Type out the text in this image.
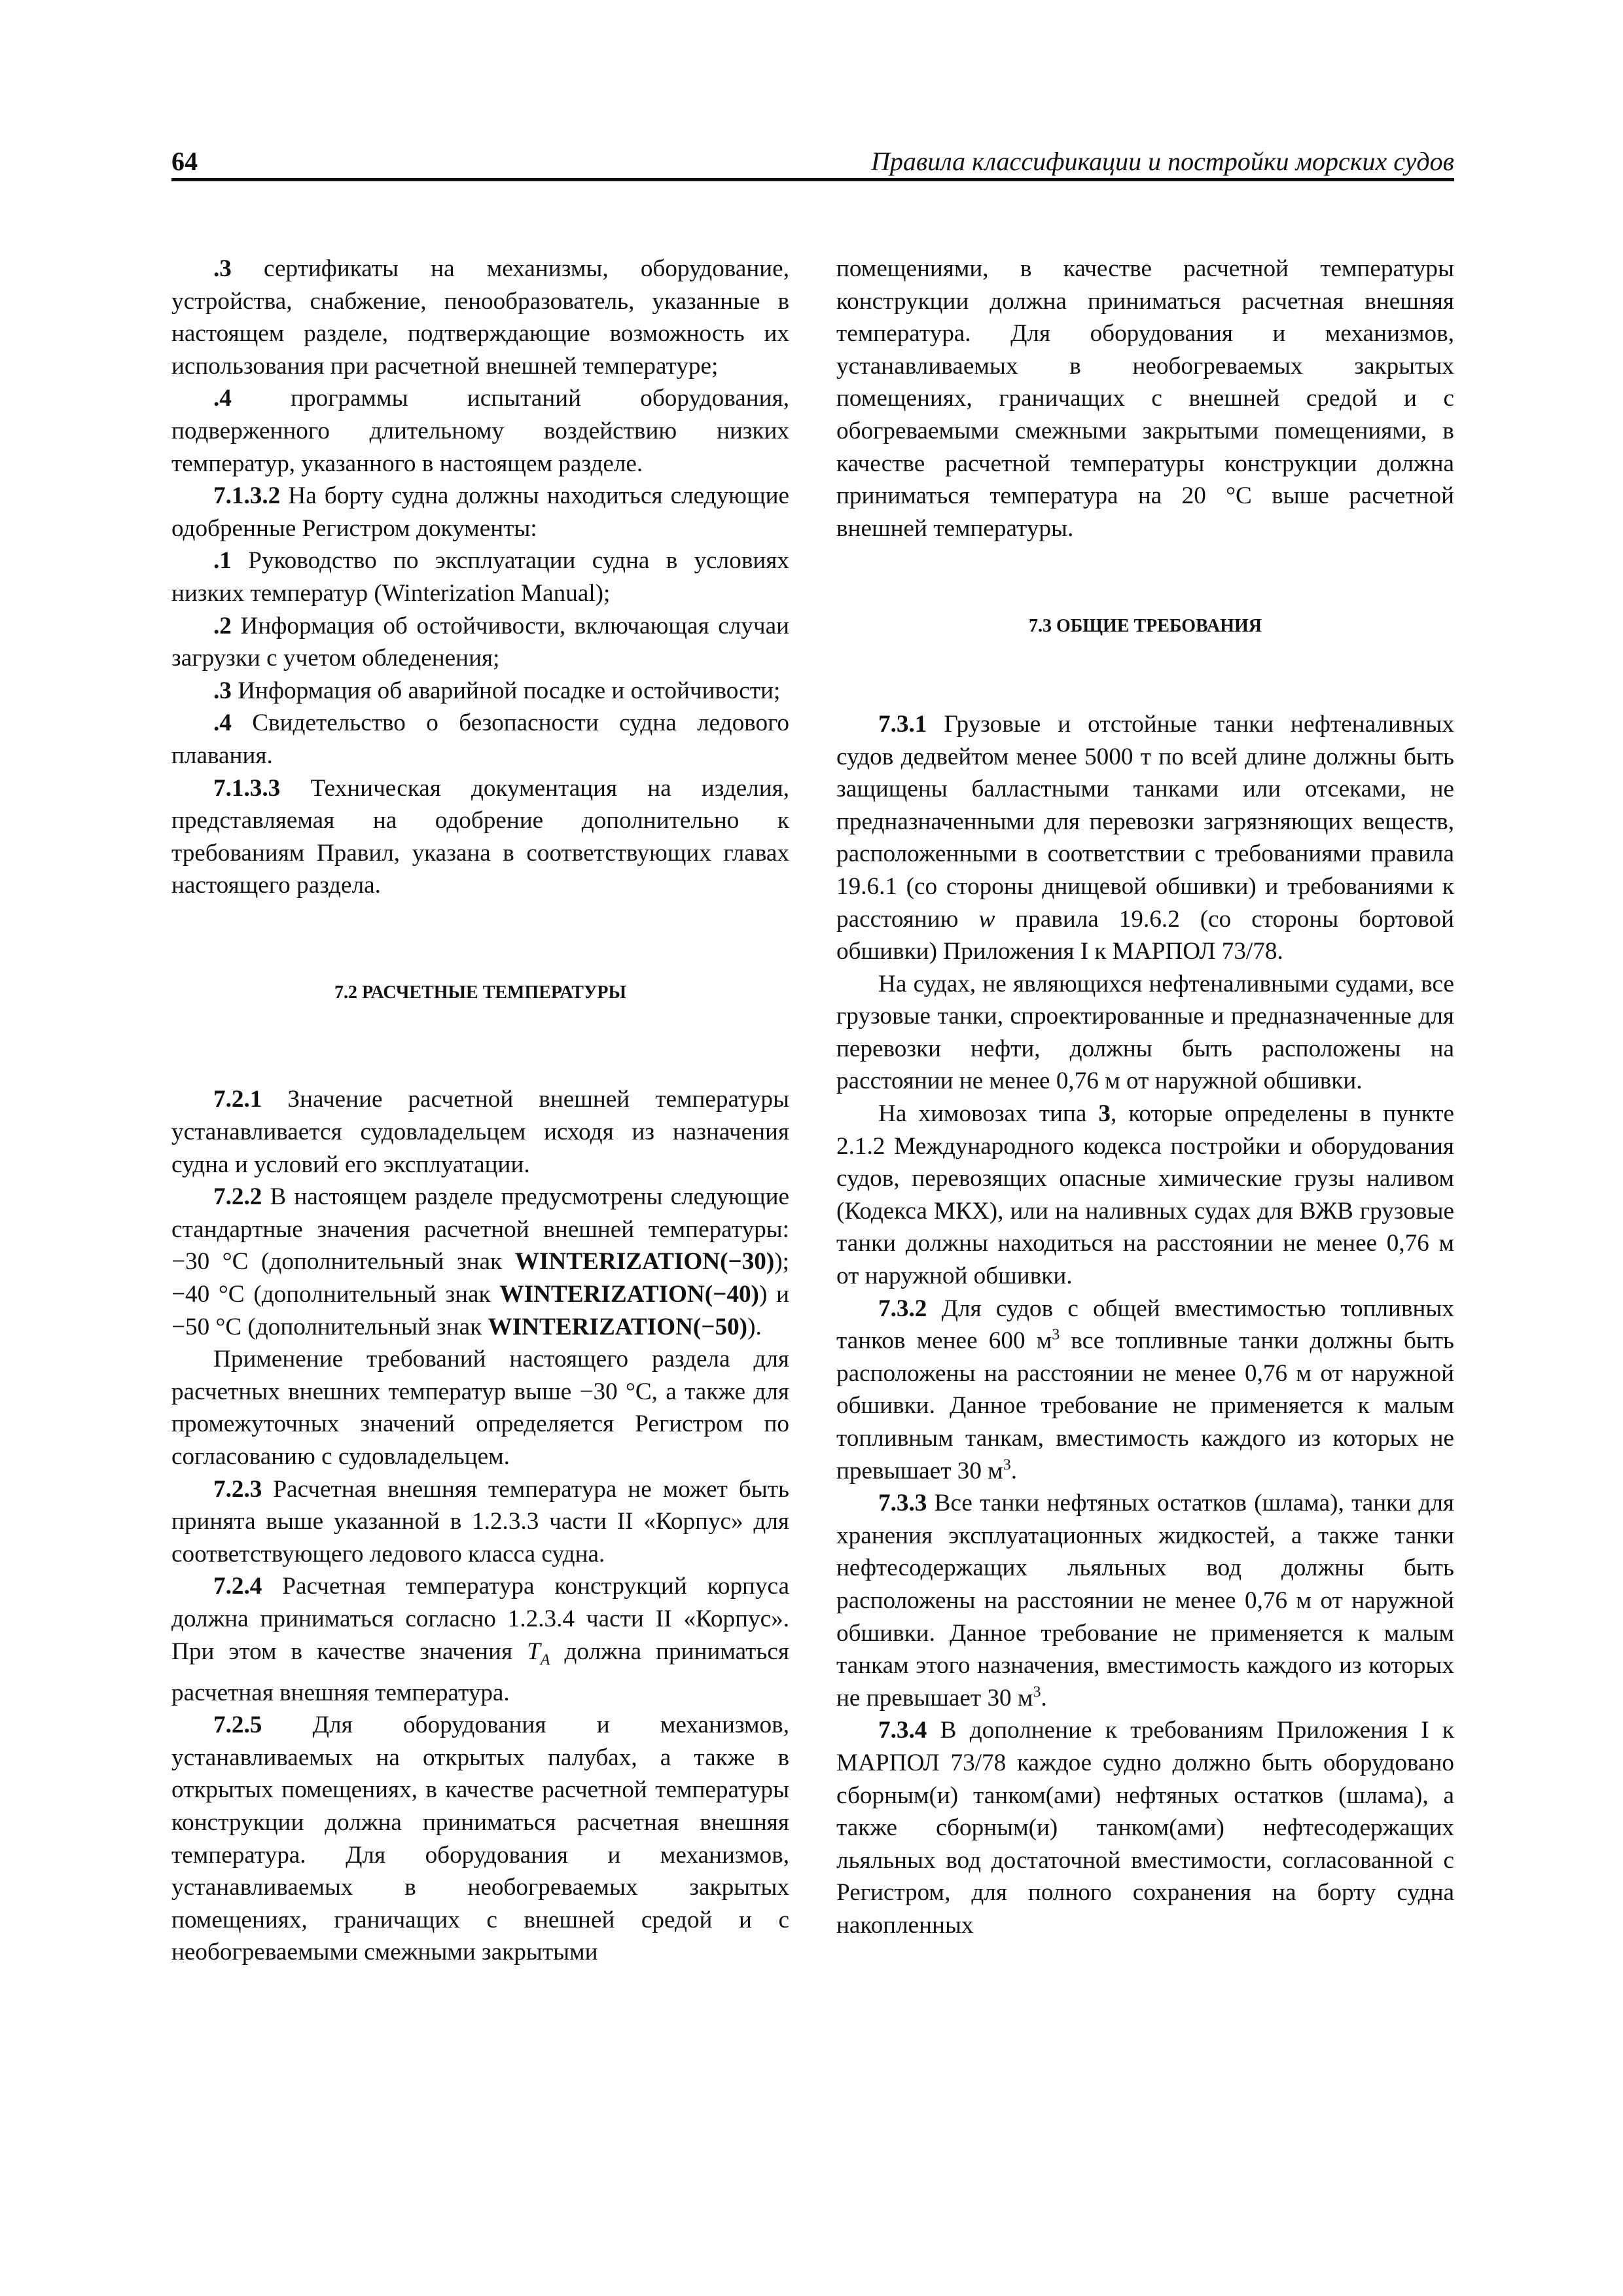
64	Правила классификации и постройки морских судов

.3 сертификаты на механизмы, оборудование, устройства, снабжение, пенообразователь, указанные в настоящем разделе, подтверждающие возможность их использования при расчетной внешней температуре;

.4 программы испытаний оборудования, подверженного длительному воздействию низких температур, указанного в настоящем разделе.

7.1.3.2 На борту судна должны находиться следующие одобренные Регистром документы:

.1 Руководство по эксплуатации судна в условиях низких температур (Winterization Manual);

.2 Информация об остойчивости, включающая случаи загрузки с учетом обледенения;

.3 Информация об аварийной посадке и остойчивости;

.4 Свидетельство о безопасности судна ледового плавания.

7.1.3.3 Техническая документация на изделия, представляемая на одобрение дополнительно к требованиям Правил, указана в соответствующих главах настоящего раздела.

7.2 РАСЧЕТНЫЕ ТЕМПЕРАТУРЫ

7.2.1 Значение расчетной внешней температуры устанавливается судовладельцем исходя из назначения судна и условий его эксплуатации.

7.2.2 В настоящем разделе предусмотрены следующие стандартные значения расчетной внешней температуры: −30 °С (дополнительный знак WINTERIZATION(−30)); −40 °С (дополнительный знак WINTERIZATION(−40)) и −50 °С (дополнительный знак WINTERIZATION(−50)).

Применение требований настоящего раздела для расчетных внешних температур выше −30 °С, а также для промежуточных значений определяется Регистром по согласованию с судовладельцем.

7.2.3 Расчетная внешняя температура не может быть принята выше указанной в 1.2.3.3 части II «Корпус» для соответствующего ледового класса судна.

7.2.4 Расчетная температура конструкций корпуса должна приниматься согласно 1.2.3.4 части II «Корпус». При этом в качестве значения $T_A$ должна приниматься расчетная внешняя температура.

7.2.5 Для оборудования и механизмов, устанавливаемых на открытых палубах, а также в открытых помещениях, в качестве расчетной температуры конструкции должна приниматься расчетная внешняя температура. Для оборудования и механизмов, устанавливаемых в необогреваемых закрытых помещениях, граничащих с внешней средой и с необогреваемыми смежными закрытыми

помещениями, в качестве расчетной температуры конструкции должна приниматься расчетная внешняя температура. Для оборудования и механизмов, устанавливаемых в необогреваемых закрытых помещениях, граничащих с внешней средой и с обогреваемыми смежными закрытыми помещениями, в качестве расчетной температуры конструкции должна приниматься температура на 20 °С выше расчетной внешней температуры.

7.3 ОБЩИЕ ТРЕБОВАНИЯ

7.3.1 Грузовые и отстойные танки нефтеналивных судов дедвейтом менее 5000 т по всей длине должны быть защищены балластными танками или отсеками, не предназначенными для перевозки загрязняющих веществ, расположенными в соответствии с требованиями правила 19.6.1 (со стороны днищевой обшивки) и требованиями к расстоянию w правила 19.6.2 (со стороны бортовой обшивки) Приложения I к МАРПОЛ 73/78.

На судах, не являющихся нефтеналивными судами, все грузовые танки, спроектированные и предназначенные для перевозки нефти, должны быть расположены на расстоянии не менее 0,76 м от наружной обшивки.

На химовозах типа 3, которые определены в пункте 2.1.2 Международного кодекса постройки и оборудования судов, перевозящих опасные химические грузы наливом (Кодекса МКХ), или на наливных судах для ВЖВ грузовые танки должны находиться на расстоянии не менее 0,76 м от наружной обшивки.

7.3.2 Для судов с общей вместимостью топливных танков менее 600 $м^3$ все топливные танки должны быть расположены на расстоянии не менее 0,76 м от наружной обшивки. Данное требование не применяется к малым топливным танкам, вместимость каждого из которых не превышает 30 $м^3$.

7.3.3 Все танки нефтяных остатков (шлама), танки для хранения эксплуатационных жидкостей, а также танки нефтесодержащих льяльных вод должны быть расположены на расстоянии не менее 0,76 м от наружной обшивки. Данное требование не применяется к малым танкам этого назначения, вместимость каждого из которых не превышает 30 $м^3$.

7.3.4 В дополнение к требованиям Приложения I к МАРПОЛ 73/78 каждое судно должно быть оборудовано сборным(и) танком(ами) нефтяных остатков (шлама), а также сборным(и) танком(ами) нефтесодержащих льяльных вод достаточной вместимости, согласованной с Регистром, для полного сохранения на борту судна накопленных
